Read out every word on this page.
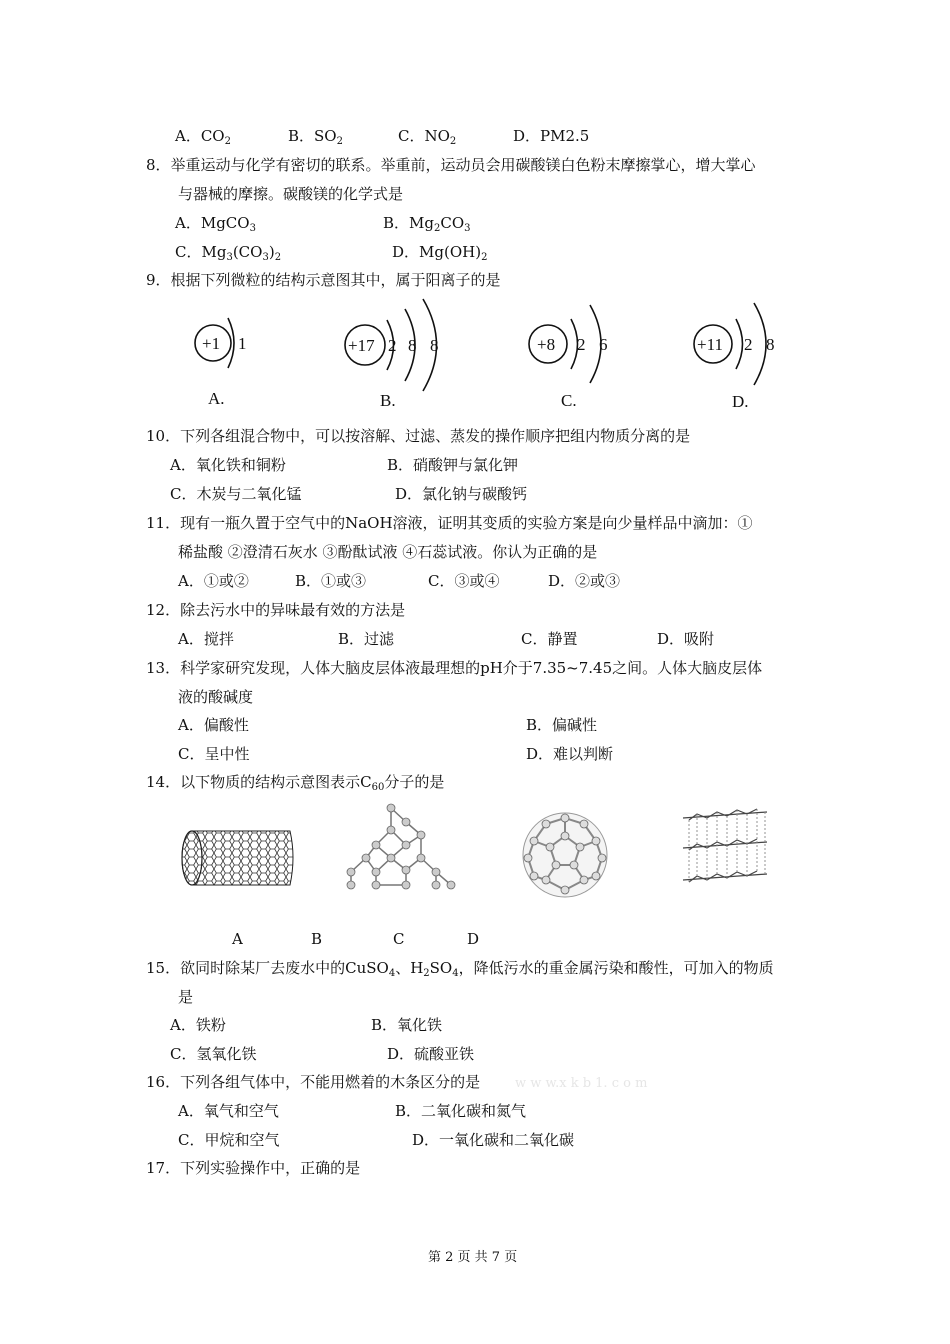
A．$CO_2$	B．$SO_2$	C．$NO_2$	D．PM2.5
8．举重运动与化学有密切的联系。举重前，运动员会用碳酸镁白色粉末摩擦掌心，增大掌心
与器械的摩擦。碳酸镁的化学式是
A．MgCO$_3$	B．$Mg_2CO_3$
C．$Mg_3(CO_3)_2$	D．$Mg(OH)_2$
9．根据下列微粒的结构示意图其中，属于阳离子的是
+1 1
A.
+17 2 8 8
B.
+8 2 6
C.
+11 2 8
D.
10．下列各组混合物中，可以按溶解、过滤、蒸发的操作顺序把组内物质分离的是
A．氧化铁和铜粉	B．硝酸钾与氯化钾
C．木炭与二氧化锰	D．氯化钠与碳酸钙
11．现有一瓶久置于空气中的NaOH溶液，证明其变质的实验方案是向少量样品中滴加：①
稀盐酸 ②澄清石灰水 ③酚酞试液 ④石蕊试液。你认为正确的是
A．①或②	B．①或③	C．③或④	D．②或③
12．除去污水中的异味最有效的方法是
A．搅拌	B．过滤	C．静置	D．吸附
13．科学家研究发现，人体大脑皮层体液最理想的pH介于7.35~7.45之间。人体大脑皮层体
液的酸碱度
A．偏酸性	B．偏碱性
C．呈中性	D．难以判断
14．以下物质的结构示意图表示$C_{60}$分子的是
A	B	C	D
15．欲同时除某厂去废水中的CuSO$_4$、$H_2SO_4$，降低污水的重金属污染和酸性，可加入的物质
是
A．铁粉	B．氧化铁
C．氢氧化铁	D．硫酸亚铁
16．下列各组气体中，不能用燃着的木条区分的是	w w w.x k b 1. c o m
A．氧气和空气	B．二氧化碳和氮气
C．甲烷和空气	D．一氧化碳和二氧化碳
17．下列实验操作中，正确的是
第 2 页 共 7 页
